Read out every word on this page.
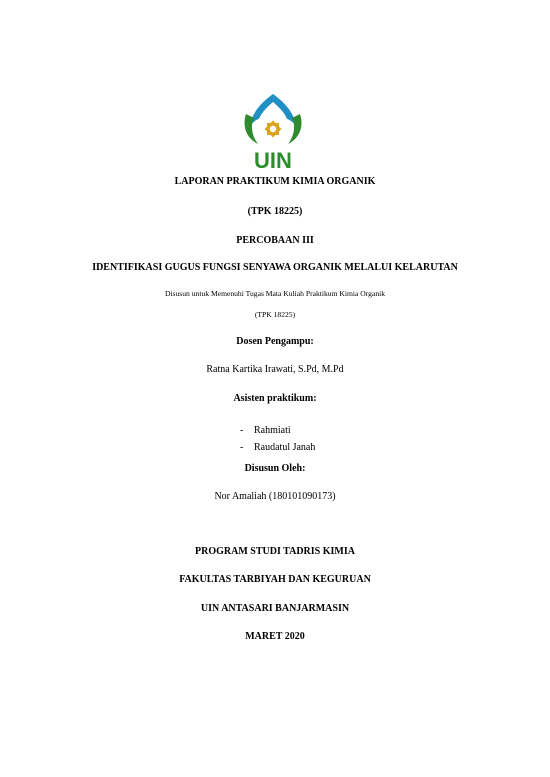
UIN
LAPORAN PRAKTIKUM KIMIA ORGANIK
(TPK 18225)
PERCOBAAN III
IDENTIFIKASI GUGUS FUNGSI SENYAWA ORGANIK MELALUI KELARUTAN
Disusun untuk Memenuhi Tugas Mata Kuliah Praktikum Kimia Organik
(TPK 18225)
Dosen Pengampu:
Ratna Kartika Irawati, S.Pd, M.Pd
Asisten praktikum:
- Rahmiati
- Raudatul Janah
Disusun Oleh:
Nor Amaliah (180101090173)
PROGRAM STUDI TADRIS KIMIA
FAKULTAS TARBIYAH DAN KEGURUAN
UIN ANTASARI BANJARMASIN
MARET 2020
